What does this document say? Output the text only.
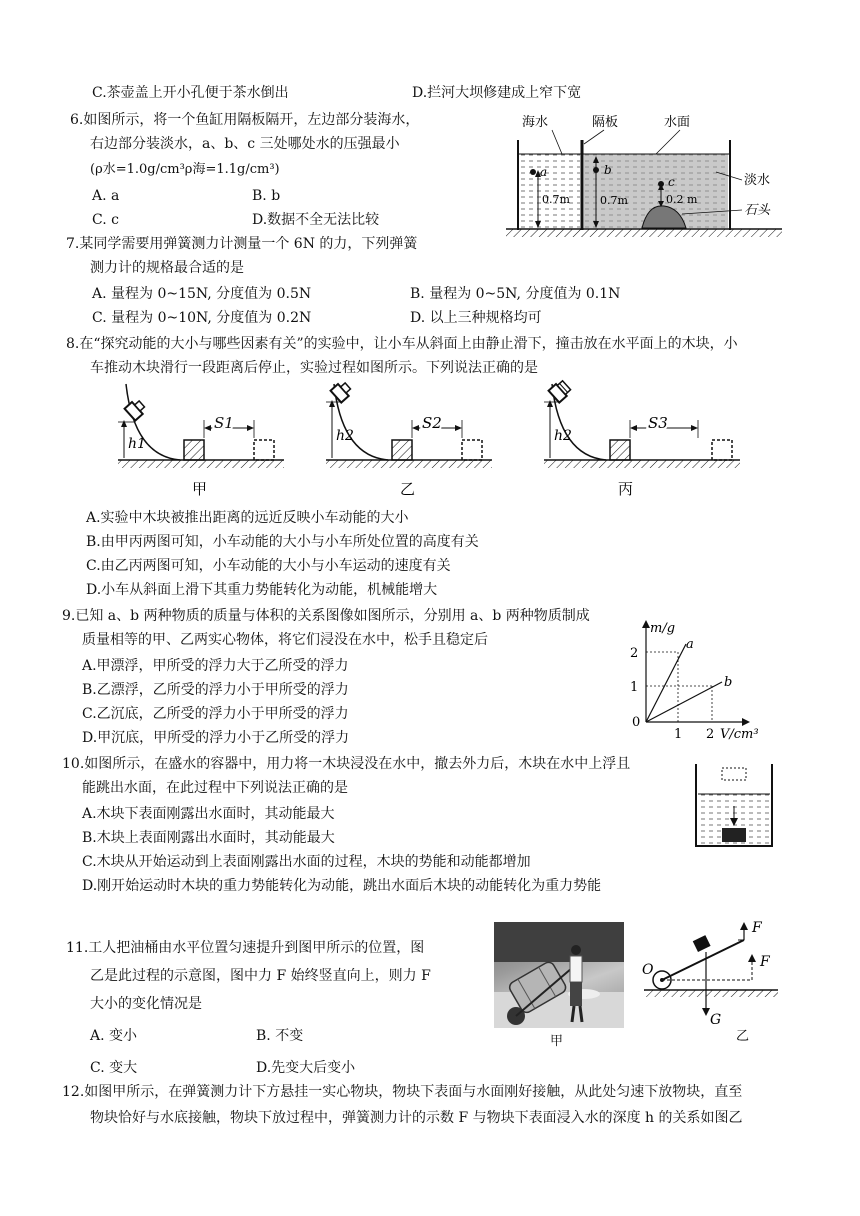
C.茶壶盖上开小孔便于茶水倒出	D.拦河大坝修建成上窄下宽
6.如图所示，将一个鱼缸用隔板隔开，左边部分装海水，
右边部分装淡水，a、b、c 三处哪处水的压强最小
(ρ水=1.0g/cm³ρ海=1.1g/cm³)
A. a	B. b
C. c	D.数据不全无法比较
a	b
c
0.7m	0.7m	0.2 m
海水	隔板	水面
淡水
石头
7.某同学需要用弹簧测力计测量一个 6N 的力，下列弹簧
测力计的规格最合适的是
A. 量程为 0~15N, 分度值为 0.5N	B. 量程为 0~5N, 分度值为 0.1N
C. 量程为 0~10N, 分度值为 0.2N	D. 以上三种规格均可
8.在“探究动能的大小与哪些因素有关”的实验中，让小车从斜面上由静止滑下，撞击放在水平面上的木块，小
车推动木块滑行一段距离后停止，实验过程如图所示。下列说法正确的是
h1
S1
甲
h2
S2
乙
h2
S3
丙
A.实验中木块被推出距离的远近反映小车动能的大小
B.由甲丙两图可知，小车动能的大小与小车所处位置的高度有关
C.由乙丙两图可知，小车动能的大小与小车运动的速度有关
D.小车从斜面上滑下其重力势能转化为动能，机械能增大
9.已知 a、b 两种物质的质量与体积的关系图像如图所示，分别用 a、b 两种物质制成
质量相等的甲、乙两实心物体，将它们浸没在水中，松手且稳定后
A.甲漂浮，甲所受的浮力大于乙所受的浮力
B.乙漂浮，乙所受的浮力小于甲所受的浮力
C.乙沉底，乙所受的浮力小于甲所受的浮力
D.甲沉底，甲所受的浮力小于乙所受的浮力
m/g
2
1
0
1 2 V/cm³
a
b
10.如图所示，在盛水的容器中，用力将一木块浸没在水中，撤去外力后，木块在水中上浮且
能跳出水面，在此过程中下列说法正确的是
A.木块下表面刚露出水面时，其动能最大
B.木块上表面刚露出水面时，其动能最大
C.木块从开始运动到上表面刚露出水面的过程，木块的势能和动能都增加
D.刚开始运动时木块的重力势能转化为动能，跳出水面后木块的动能转化为重力势能
11.工人把油桶由水平位置匀速提升到图甲所示的位置，图
乙是此过程的示意图，图中力 F 始终竖直向上，则力 F
大小的变化情况是
A. 变小	B. 不变
C. 变大	D.先变大后变小
甲
F
F
O
G
乙
12.如图甲所示，在弹簧测力计下方悬挂一实心物块，物块下表面与水面刚好接触，从此处匀速下放物块，直至
物块恰好与水底接触，物块下放过程中，弹簧测力计的示数 F 与物块下表面浸入水的深度 h 的关系如图乙
